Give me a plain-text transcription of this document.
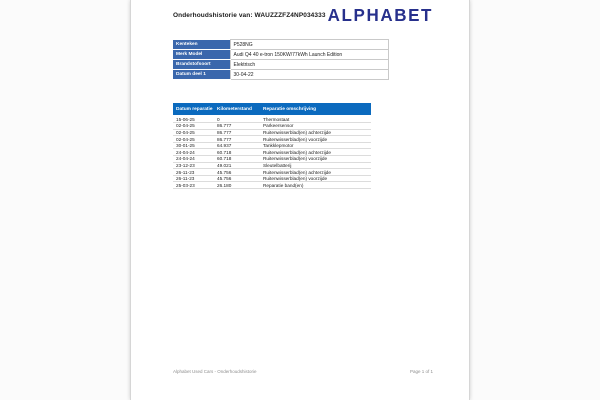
Onderhoudshistorie van: WAUZZZFZ4NP034333 ALPHABET
Kenteken	P528NG
Merk Model	Audi Q4 40 e-tron 150KW/77kWh Launch Edition
Brandstofsoort	Elektrisch
Datum deel 1	30-04-22
Datum reparatie	Kilometerstand	Reparatie omschrijving
15-06-25	0	Thermostaat
02-04-25	86.777	Parkeersensor
02-04-25	86.777	Ruitenwisserblad(en) achterzijde
02-04-25	86.777	Ruitenwisserblad(en) voorzijde
30-01-25	64.937	Tankklepmotor
24-04-24	60.718	Ruitenwisserblad(en) achterzijde
24-04-24	60.718	Ruitenwisserblad(en) voorzijde
23-12-23	49.021	Sleutelbatterij
26-11-23	45.756	Ruitenwisserblad(en) achterzijde
26-11-23	45.756	Ruitenwisserblad(en) voorzijde
25-03-23	26.180	Reparatie band(en)
Alphabet Used Cars - Onderhoudshistorie	Page 1 of 1
